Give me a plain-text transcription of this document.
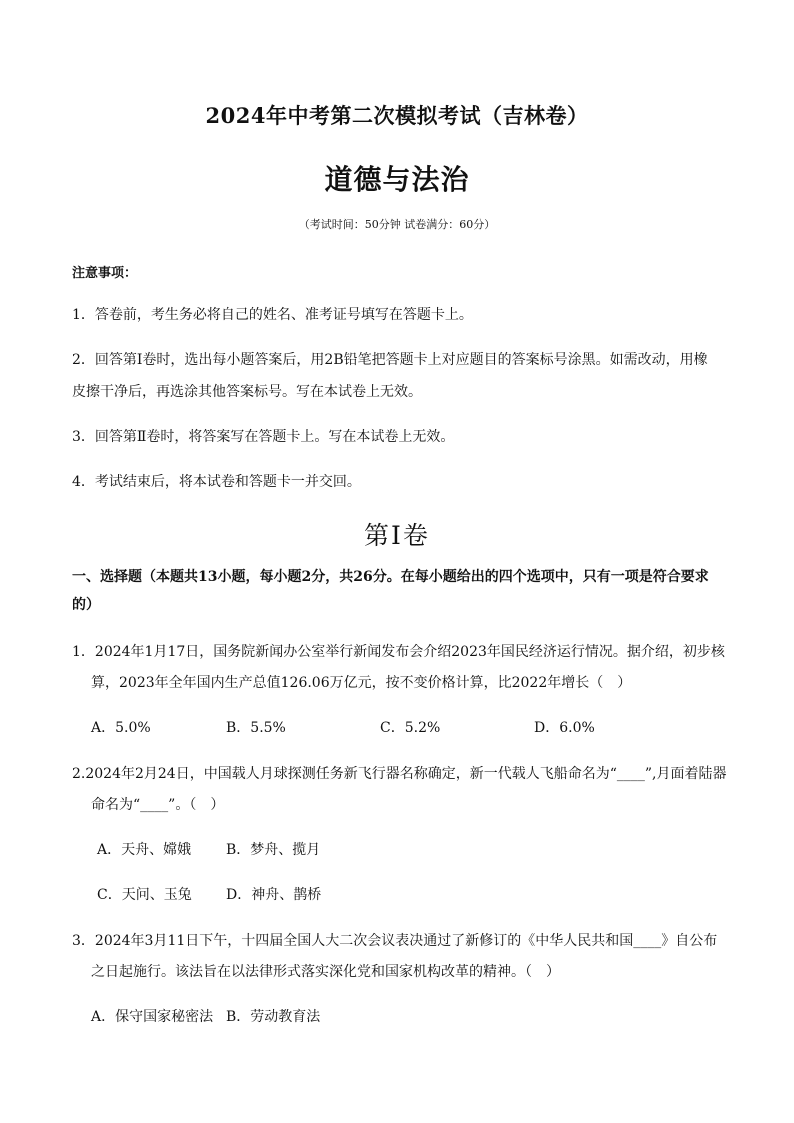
2024年中考第二次模拟考试（吉林卷）
道德与法治
（考试时间：50分钟 试卷满分：60分）
注意事项：
1．答卷前，考生务必将自己的姓名、准考证号填写在答题卡上。
2．回答第Ⅰ卷时，选出每小题答案后，用2B铅笔把答题卡上对应题目的答案标号涂黑。如需改动，用橡
皮擦干净后，再选涂其他答案标号。写在本试卷上无效。
3．回答第Ⅱ卷时，将答案写在答题卡上。写在本试卷上无效。
4．考试结束后，将本试卷和答题卡一并交回。
第Ⅰ卷
一、选择题（本题共13小题，每小题2分，共26分。在每小题给出的四个选项中，只有一项是符合要求
的）
1．2024年1月17日，国务院新闻办公室举行新闻发布会介绍2023年国民经济运行情况。据介绍，初步核
算，2023年全年国内生产总值126.06万亿元，按不变价格计算，比2022年增长（　）
A．5.0%	B．5.5%	C．5.2%	D．6.0%
2.2024年2月24日，中国载人月球探测任务新飞行器名称确定，新一代载人飞船命名为“____”,月面着陆器
命名为“____”。（　）
A．天舟、嫦娥 B．梦舟、揽月
C．天问、玉兔 D．神舟、鹊桥
3．2024年3月11日下午，十四届全国人大二次会议表决通过了新修订的《中华人民共和国____》自公布
之日起施行。该法旨在以法律形式落实深化党和国家机构改革的精神。（　）
A．保守国家秘密法 B．劳动教育法
